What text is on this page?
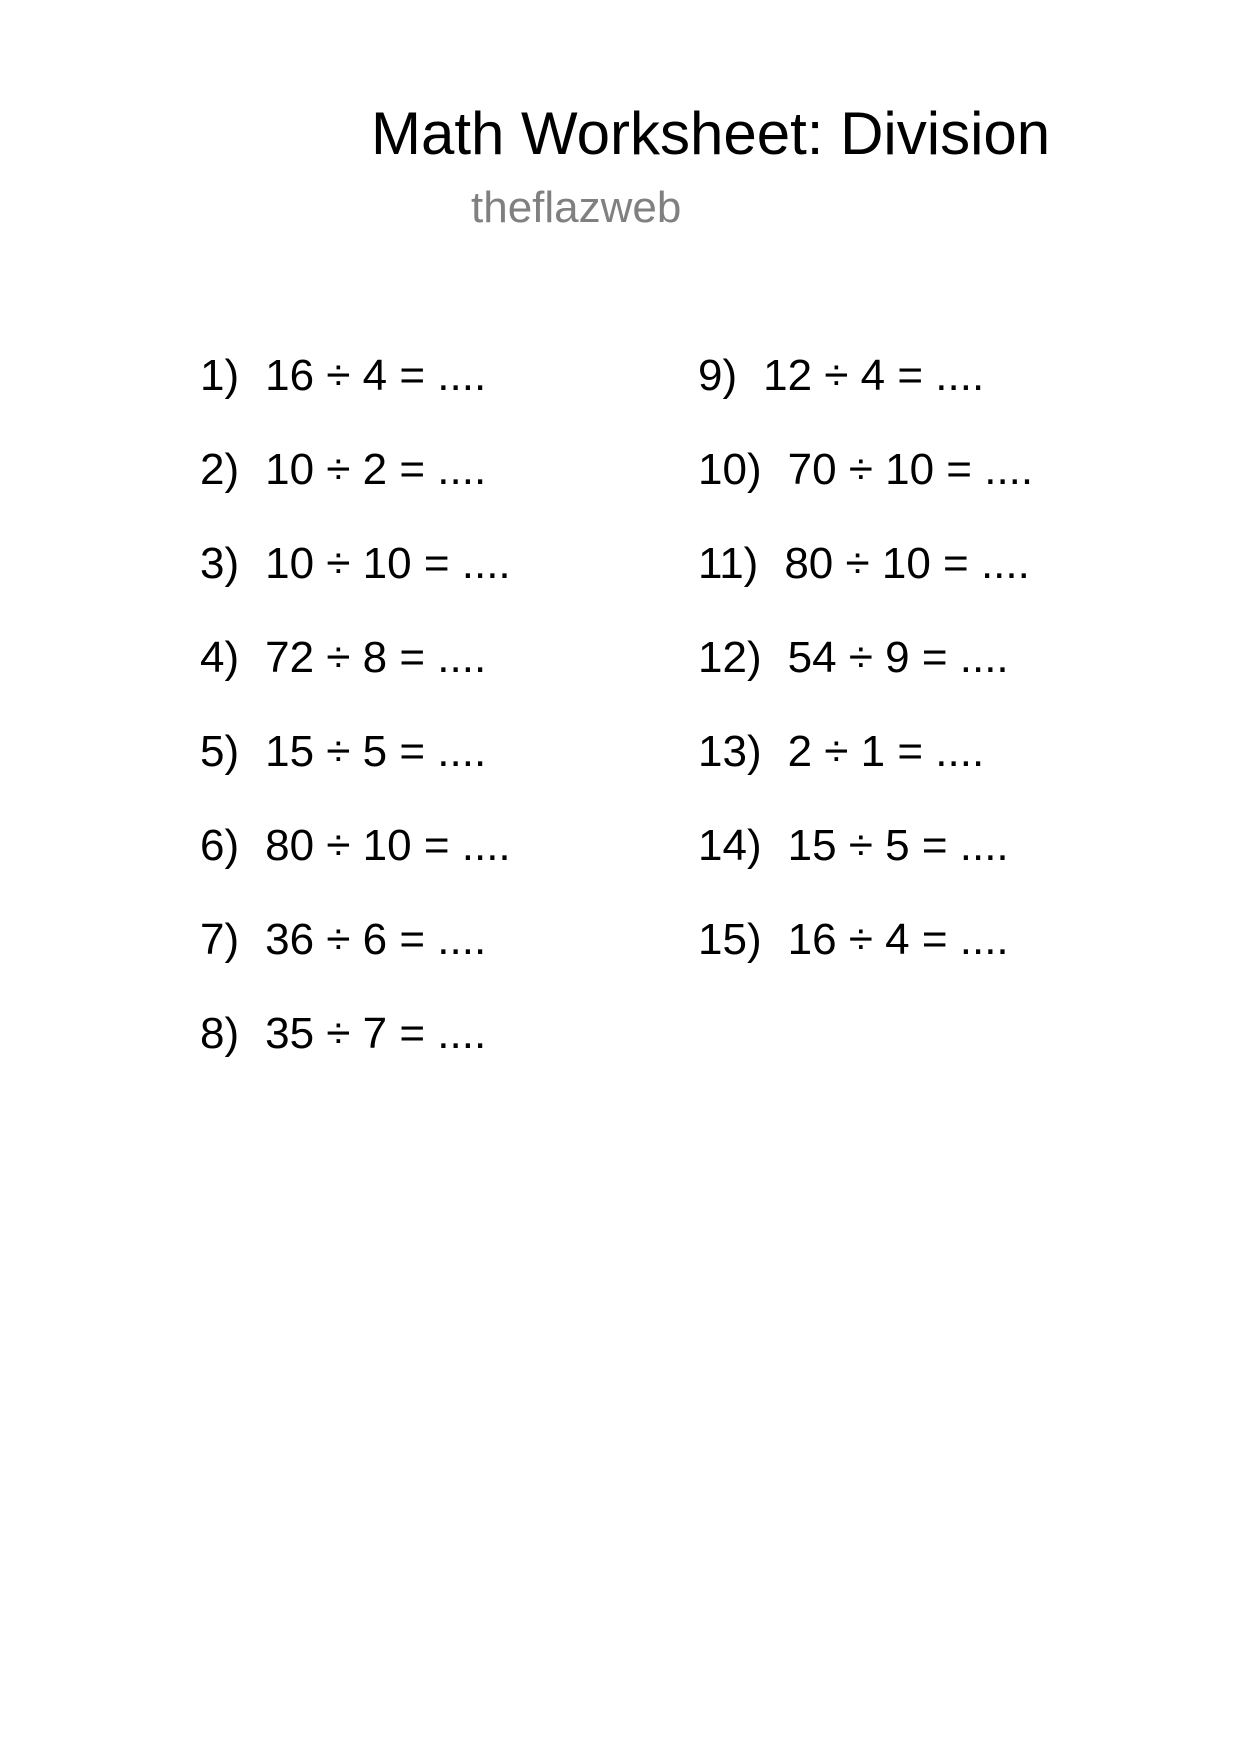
Math Worksheet: Division
theflazweb
1) 16 ÷ 4 = ....
2) 10 ÷ 2 = ....
3) 10 ÷ 10 = ....
4) 72 ÷ 8 = ....
5) 15 ÷ 5 = ....
6) 80 ÷ 10 = ....
7) 36 ÷ 6 = ....
8) 35 ÷ 7 = ....
9) 12 ÷ 4 = ....
10) 70 ÷ 10 = ....
11) 80 ÷ 10 = ....
12) 54 ÷ 9 = ....
13) 2 ÷ 1 = ....
14) 15 ÷ 5 = ....
15) 16 ÷ 4 = ....
